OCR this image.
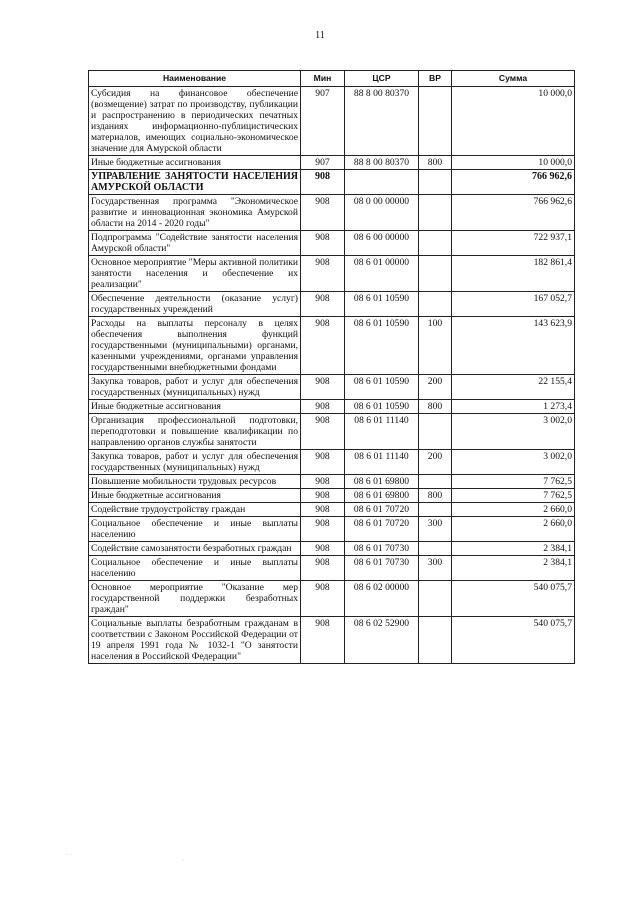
11
Наименование	Мин	ЦСР	ВР	Сумма
Субсидия на финансовое обеспечение (возмещение) затрат по производству, публикации и распространению в периодических печатных изданиях информационно-публицистических материалов, имеющих социально-экономическое значение для Амурской области	907	88 8 00 80370		10 000,0
Иные бюджетные ассигнования	907	88 8 00 80370	800	10 000,0
УПРАВЛЕНИЕ ЗАНЯТОСТИ НАСЕЛЕНИЯ АМУРСКОЙ ОБЛАСТИ	908			766 962,6
Государственная программа "Экономическое развитие и инновационная экономика Амурской области на 2014 - 2020 годы"	908	08 0 00 00000		766 962,6
Подпрограмма "Содействие занятости населения Амурской области"	908	08 6 00 00000		722 937,1
Основное мероприятие "Меры активной политики занятости населения и обеспечение их реализации"	908	08 6 01 00000		182 861,4
Обеспечение деятельности (оказание услуг) государственных учреждений	908	08 6 01 10590		167 052,7
Расходы на выплаты персоналу в целях обеспечения выполнения функций государственными (муниципальными) органами, казенными учреждениями, органами управления государственными внебюджетными фондами	908	08 6 01 10590	100	143 623,9
Закупка товаров, работ и услуг для обеспечения государственных (муниципальных) нужд	908	08 6 01 10590	200	22 155,4
Иные бюджетные ассигнования	908	08 6 01 10590	800	1 273,4
Организация профессиональной подготовки, переподготовки и повышение квалификации по направлению органов службы занятости	908	08 6 01 11140		3 002,0
Закупка товаров, работ и услуг для обеспечения государственных (муниципальных) нужд	908	08 6 01 11140	200	3 002,0
Повышение мобильности трудовых ресурсов	908	08 6 01 69800		7 762,5
Иные бюджетные ассигнования	908	08 6 01 69800	800	7 762,5
Содействие трудоустройству граждан	908	08 6 01 70720		2 660,0
Социальное обеспечение и иные выплаты населению	908	08 6 01 70720	300	2 660,0
Содействие самозанятости безработных граждан	908	08 6 01 70730		2 384,1
Социальное обеспечение и иные выплаты населению	908	08 6 01 70730	300	2 384,1
Основное мероприятие "Оказание мер государственной поддержки безработных граждан"	908	08 6 02 00000		540 075,7
Социальные выплаты безработным гражданам в соответствии с Законом Российской Федерации от 19 апреля 1991 года № 1032-1 "О занятости населения в Российской Федерации"	908	08 6 02 52900		540 075,7
· ·
·
